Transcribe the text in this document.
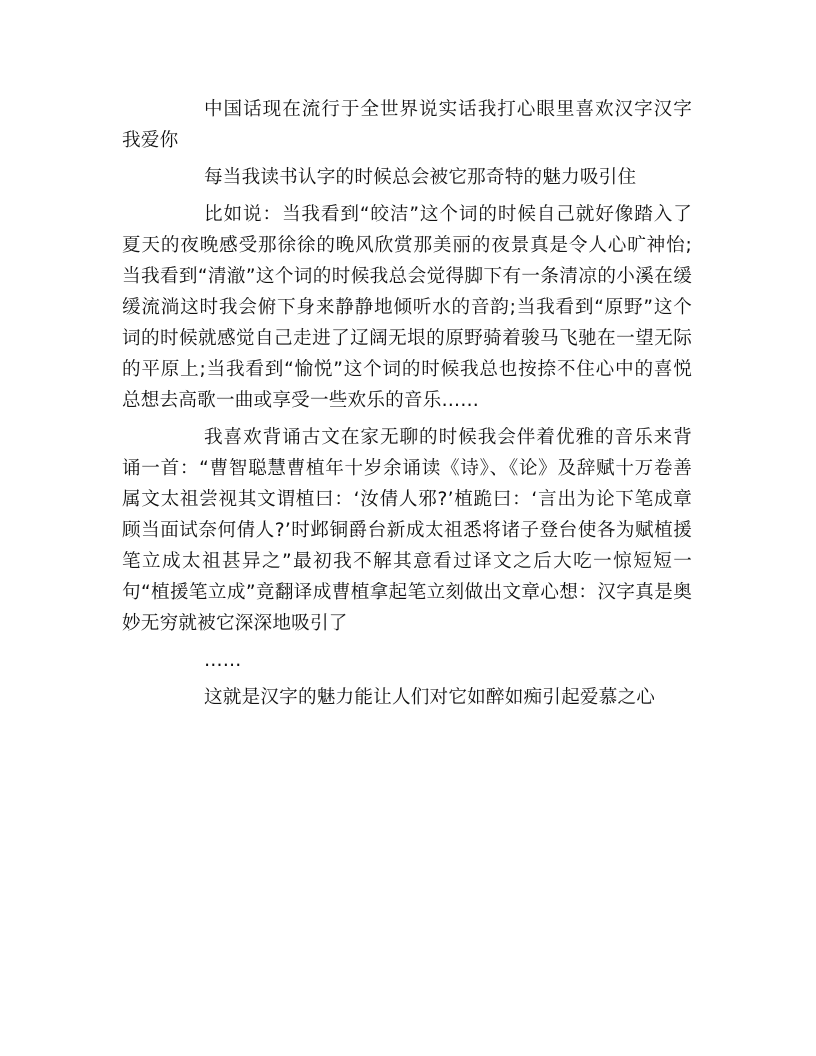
中国话现在流行于全世界说实话我打心眼里喜欢汉字汉字我爱你

每当我读书认字的时候总会被它那奇特的魅力吸引住

比如说：当我看到“皎洁”这个词的时候自己就好像踏入了夏天的夜晚感受那徐徐的晚风欣赏那美丽的夜景真是令人心旷神怡;当我看到“清澈”这个词的时候我总会觉得脚下有一条清凉的小溪在缓缓流淌这时我会俯下身来静静地倾听水的音韵;当我看到“原野”这个词的时候就感觉自己走进了辽阔无垠的原野骑着骏马飞驰在一望无际的平原上;当我看到“愉悦”这个词的时候我总也按捺不住心中的喜悦总想去高歌一曲或享受一些欢乐的音乐……

我喜欢背诵古文在家无聊的时候我会伴着优雅的音乐来背诵一首：“曹智聪慧曹植年十岁余诵读《诗》、《论》及辞赋十万卷善属文太祖尝视其文谓植曰：‘汝倩人邪?’植跪曰：‘言出为论下笔成章顾当面试奈何倩人?’时邺铜爵台新成太祖悉将诸子登台使各为赋植援笔立成太祖甚异之”最初我不解其意看过译文之后大吃一惊短短一句“植援笔立成”竟翻译成曹植拿起笔立刻做出文章心想：汉字真是奥妙无穷就被它深深地吸引了

……

这就是汉字的魅力能让人们对它如醉如痴引起爱慕之心
